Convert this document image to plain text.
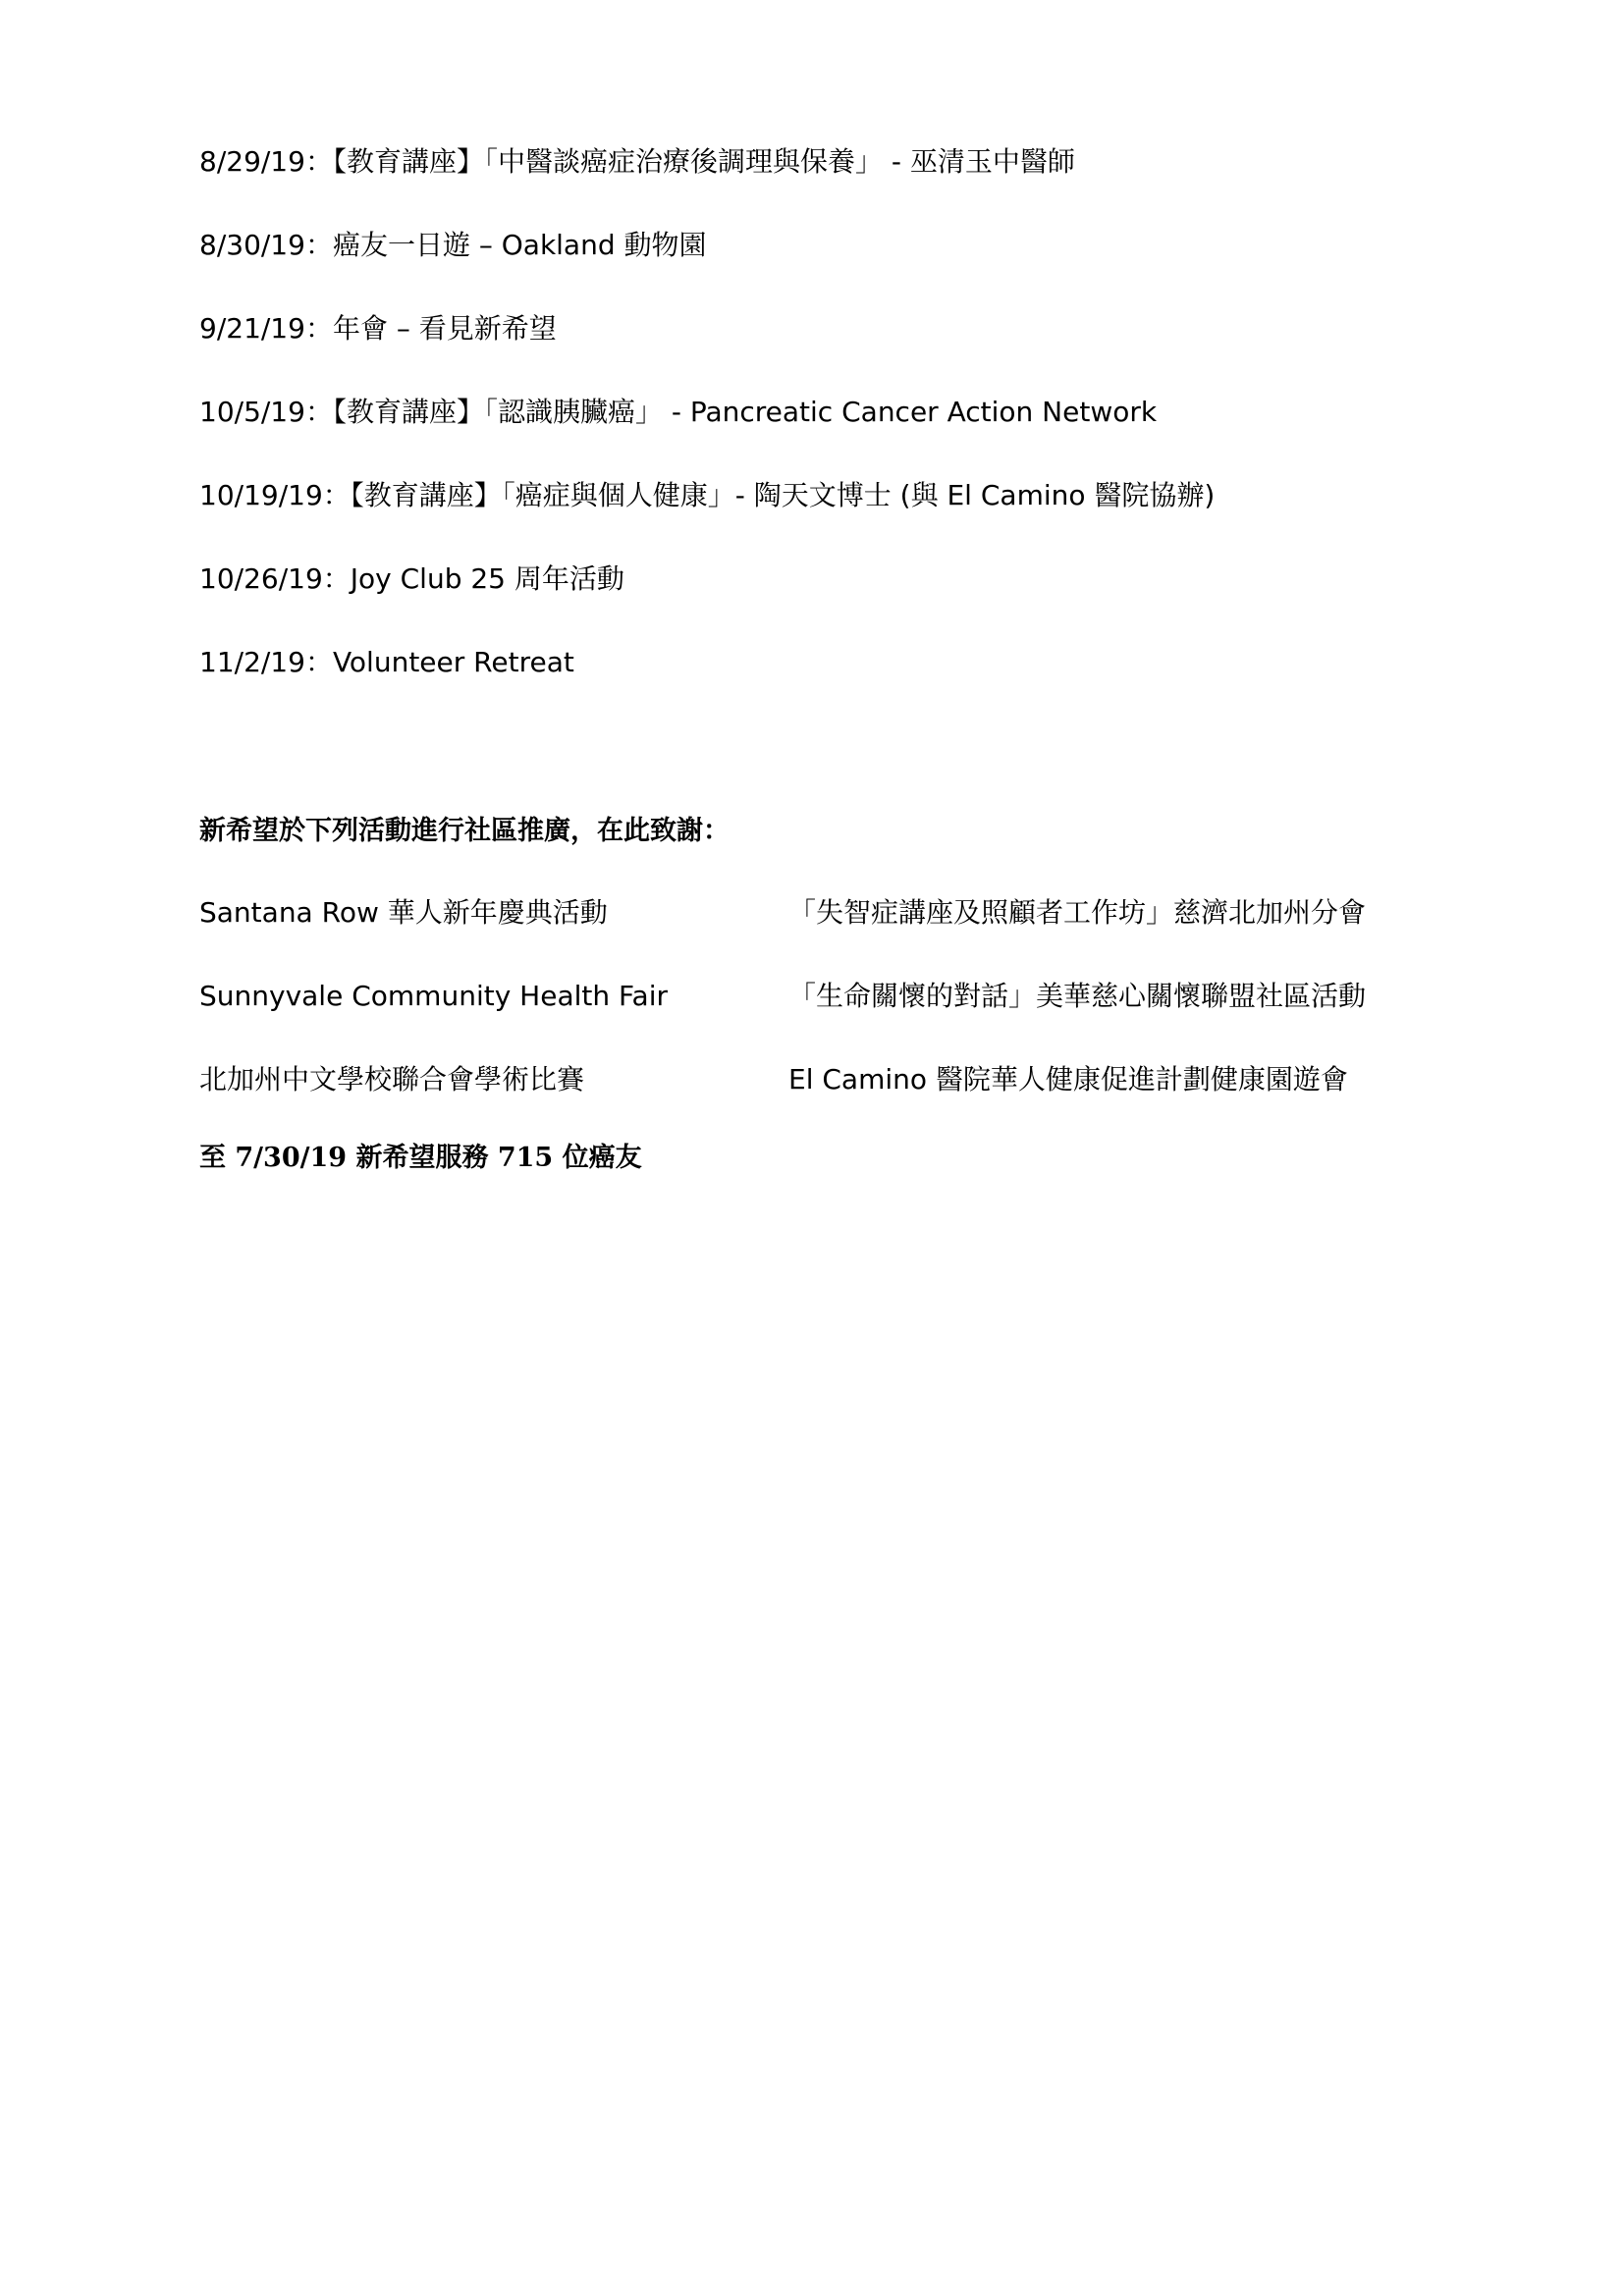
8/29/19：【教育講座】「中醫談癌症治療後調理與保養」 - 巫清玉中醫師
8/30/19：癌友一日遊 – Oakland 動物園
9/21/19：年會 – 看見新希望
10/5/19：【教育講座】「認識胰臟癌」 - Pancreatic Cancer Action Network
10/19/19：【教育講座】「癌症與個人健康」- 陶天文博士 (與 El Camino 醫院協辦)
10/26/19：Joy Club 25 周年活動
11/2/19：Volunteer Retreat
新希望於下列活動進行社區推廣，在此致謝：
Santana Row 華人新年慶典活動	「失智症講座及照顧者工作坊」慈濟北加州分會
Sunnyvale Community Health Fair	「生命關懷的對話」美華慈心關懷聯盟社區活動
北加州中文學校聯合會學術比賽	El Camino 醫院華人健康促進計劃健康園遊會
至 7/30/19 新希望服務 715 位癌友
